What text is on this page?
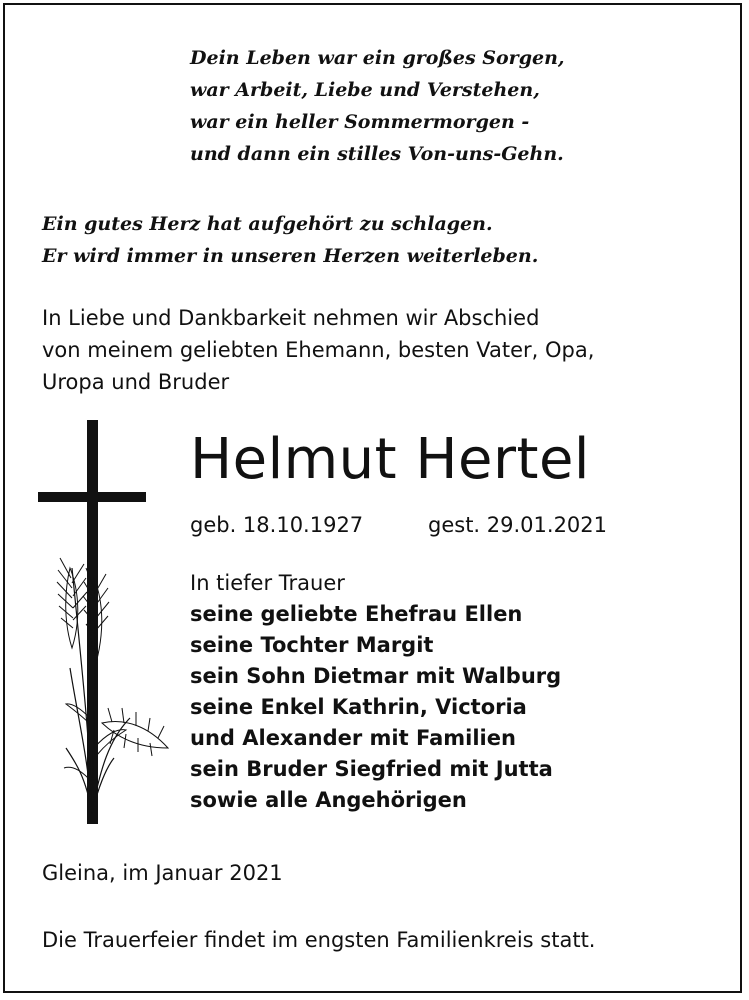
Dein Leben war ein großes Sorgen,
war Arbeit, Liebe und Verstehen,
war ein heller Sommermorgen -
und dann ein stilles Von-uns-Gehn.
Ein gutes Herz hat aufgehört zu schlagen.
Er wird immer in unseren Herzen weiterleben.
In Liebe und Dankbarkeit nehmen wir Abschied
von meinem geliebten Ehemann, besten Vater, Opa,
Uropa und Bruder
Helmut Hertel
geb. 18.10.1927	gest. 29.01.2021
In tiefer Trauer
seine geliebte Ehefrau Ellen
seine Tochter Margit
sein Sohn Dietmar mit Walburg
seine Enkel Kathrin, Victoria
und Alexander mit Familien
sein Bruder Siegfried mit Jutta
sowie alle Angehörigen
Gleina, im Januar 2021
Die Trauerfeier findet im engsten Familienkreis statt.
